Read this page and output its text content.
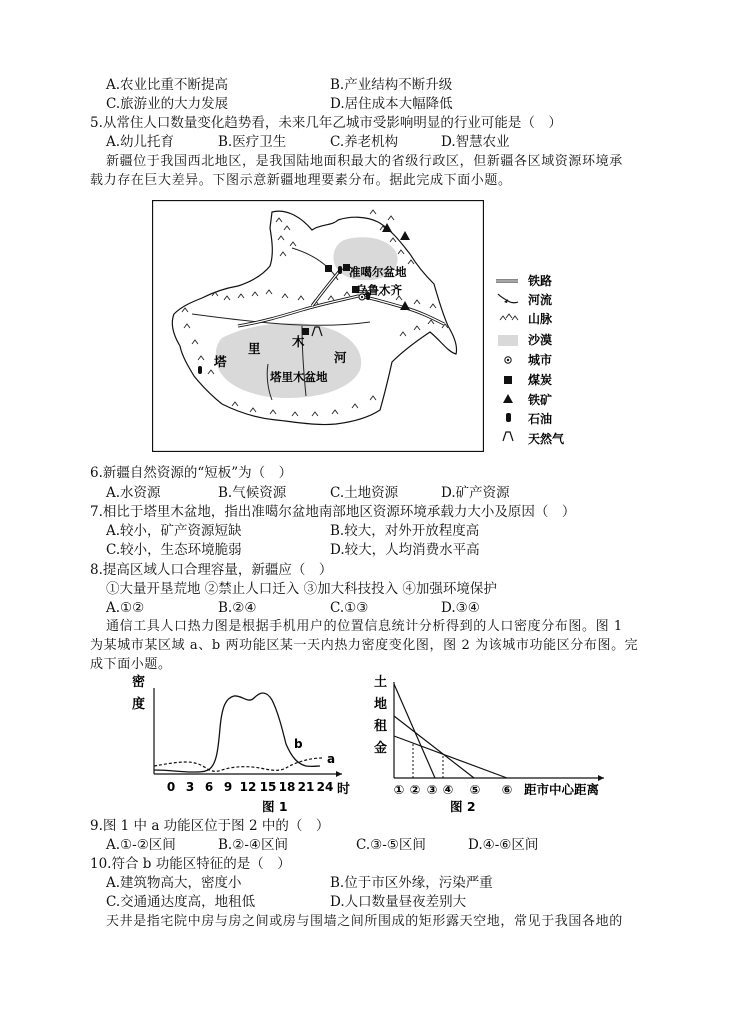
A.农业比重不断提高	B.产业结构不断升级
C.旅游业的大力发展	D.居住成本大幅降低
5.从常住人口数量变化趋势看，未来几年乙城市受影响明显的行业可能是（　）
A.幼儿托育	B.医疗卫生	C.养老机构	D.智慧农业
新疆位于我国西北地区，是我国陆地面积最大的省级行政区，但新疆各区域资源环境承
载力存在巨大差异。下图示意新疆地理要素分布。据此完成下面小题。
准噶尔盆地
乌鲁木齐
塔
里	木
河
塔里木盆地
铁路
河流
山脉
沙漠
城市
煤炭
铁矿
石油
天然气
6.新疆自然资源的“短板”为（　）
A.水资源	B.气候资源	C.土地资源	D.矿产资源
7.相比于塔里木盆地，指出准噶尔盆地南部地区资源环境承载力大小及原因（　）
A.较小，矿产资源短缺	B.较大，对外开放程度高
C.较小，生态环境脆弱	D.较大，人均消费水平高
8.提高区域人口合理容量，新疆应（　）
①大量开垦荒地 ②禁止人口迁入 ③加大科技投入 ④加强环境保护
A.①②	B.②④	C.①③	D.③④
通信工具人口热力图是根据手机用户的位置信息统计分析得到的人口密度分布图。图 1
为某城市某区域 a、b 两功能区某一天内热力密度变化图，图 2 为该城市功能区分布图。完
成下面小题。
密
度
b
a
0 3 6 9 12 15 18 21 24 时
图 1
土
地
租
金
① ② ③ ④ ⑤ ⑥ 距市中心距离
图 2
9.图 1 中 a 功能区位于图 2 中的（　）
A.①-②区间	B.②-④区间	C.③-⑤区间	D.④-⑥区间
10.符合 b 功能区特征的是（　）
A.建筑物高大，密度小	B.位于市区外缘，污染严重
C.交通通达度高，地租低	D.人口数量昼夜差别大
天井是指宅院中房与房之间或房与围墙之间所围成的矩形露天空地，常见于我国各地的
